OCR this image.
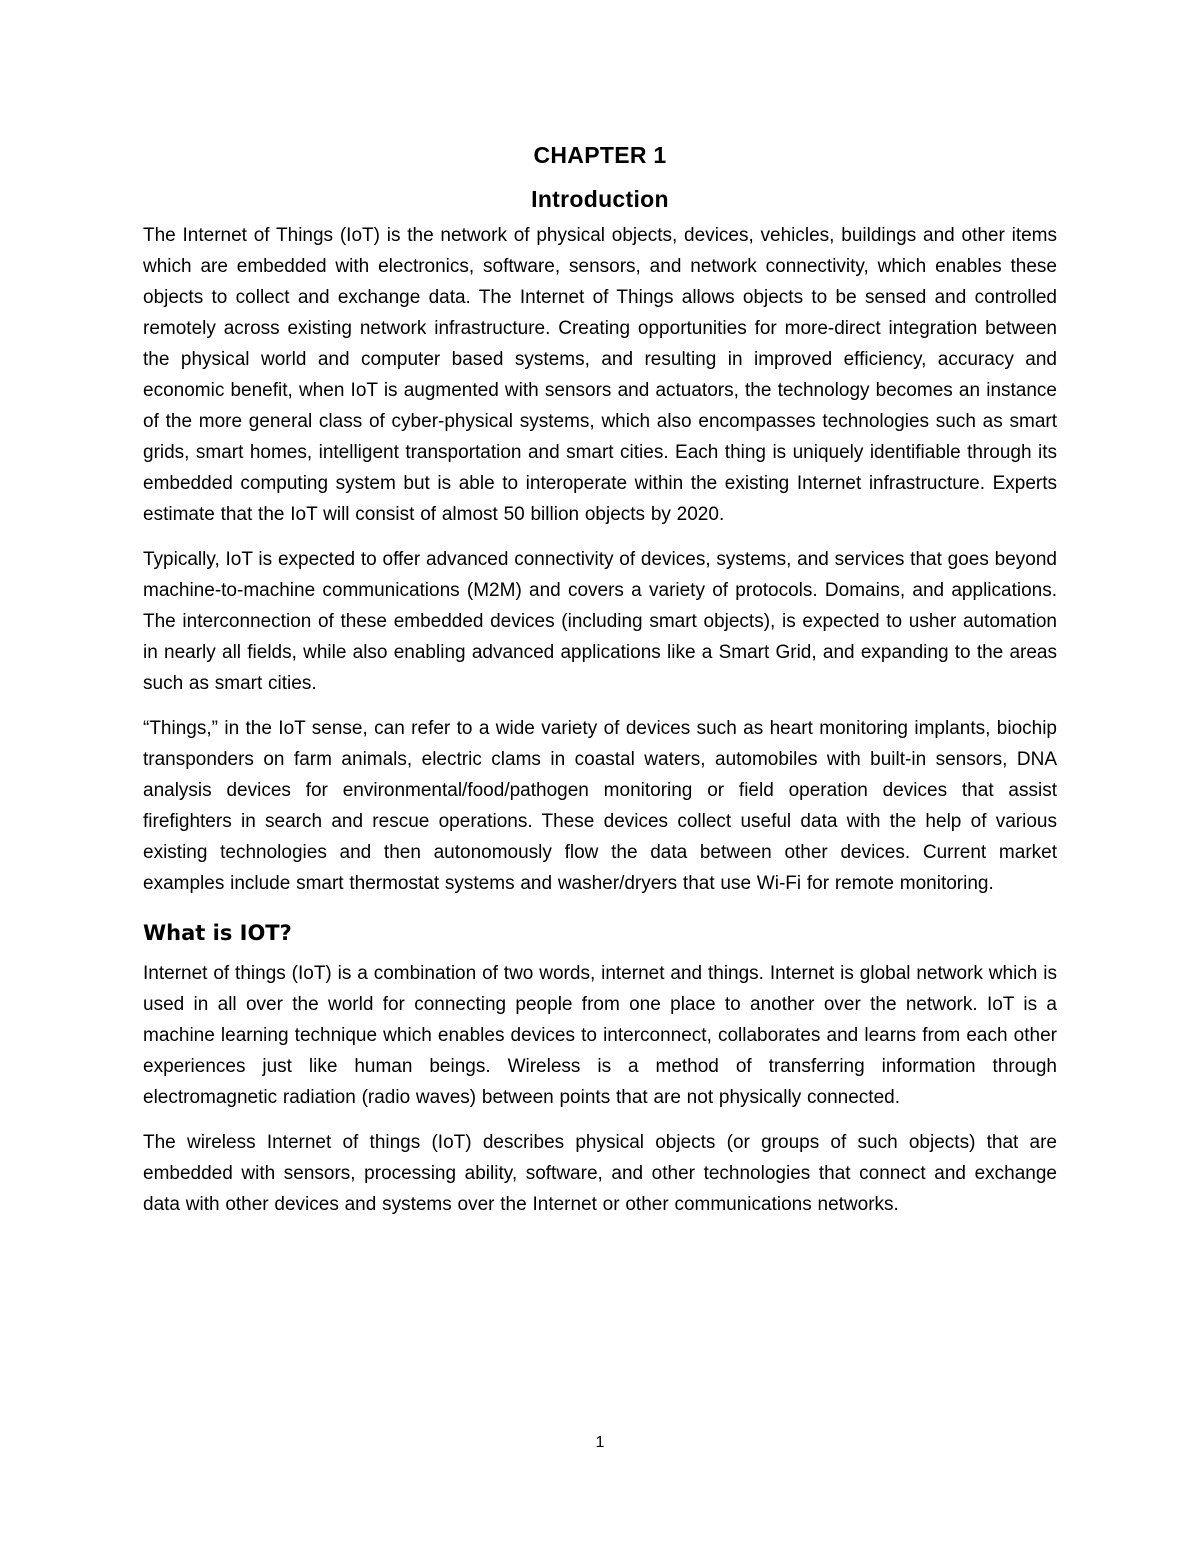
CHAPTER 1
Introduction

The Internet of Things (IoT) is the network of physical objects, devices, vehicles, buildings and other items which are embedded with electronics, software, sensors, and network connectivity, which enables these objects to collect and exchange data. The Internet of Things allows objects to be sensed and controlled remotely across existing network infrastructure. Creating opportunities for more-direct integration between the physical world and computer based systems, and resulting in improved efficiency, accuracy and economic benefit, when IoT is augmented with sensors and actuators, the technology becomes an instance of the more general class of cyber-physical systems, which also encompasses technologies such as smart grids, smart homes, intelligent transportation and smart cities. Each thing is uniquely identifiable through its embedded computing system but is able to interoperate within the existing Internet infrastructure. Experts estimate that the IoT will consist of almost 50 billion objects by 2020.

Typically, IoT is expected to offer advanced connectivity of devices, systems, and services that goes beyond machine-to-machine communications (M2M) and covers a variety of protocols. Domains, and applications. The interconnection of these embedded devices (including smart objects), is expected to usher automation in nearly all fields, while also enabling advanced applications like a Smart Grid, and expanding to the areas such as smart cities.

“Things,” in the IoT sense, can refer to a wide variety of devices such as heart monitoring implants, biochip transponders on farm animals, electric clams in coastal waters, automobiles with built-in sensors, DNA analysis devices for environmental/food/pathogen monitoring or field operation devices that assist firefighters in search and rescue operations. These devices collect useful data with the help of various existing technologies and then autonomously flow the data between other devices. Current market examples include smart thermostat systems and washer/dryers that use Wi-Fi for remote monitoring.

What is IOT?

Internet of things (IoT) is a combination of two words, internet and things. Internet is global network which is used in all over the world for connecting people from one place to another over the network. IoT is a machine learning technique which enables devices to interconnect, collaborates and learns from each other experiences just like human beings. Wireless is a method of transferring information through electromagnetic radiation (radio waves) between points that are not physically connected.

The wireless Internet of things (IoT) describes physical objects (or groups of such objects) that are embedded with sensors, processing ability, software, and other technologies that connect and exchange data with other devices and systems over the Internet or other communications networks.

1
